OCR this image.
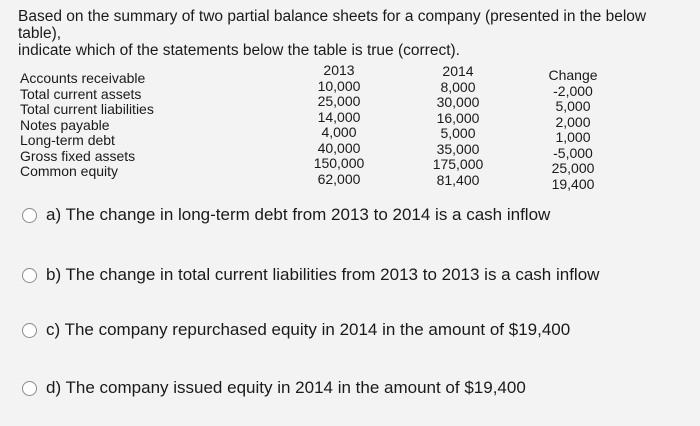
Based on the summary of two partial balance sheets for a company (presented in the below table),
indicate which of the statements below the table is true (correct).
Accounts receivable
Total current assets
Total current liabilities
Notes payable
Long-term debt
Gross fixed assets
Common equity
2013
10,000
25,000
14,000
4,000
40,000
150,000
62,000
2014
8,000
30,000
16,000
5,000
35,000
175,000
81,400
Change
-2,000
5,000
2,000
1,000
-5,000
25,000
19,400
a) The change in long-term debt from 2013 to 2014 is a cash inflow
b) The change in total current liabilities from 2013 to 2013 is a cash inflow
c) The company repurchased equity in 2014 in the amount of $19,400
d) The company issued equity in 2014 in the amount of $19,400
